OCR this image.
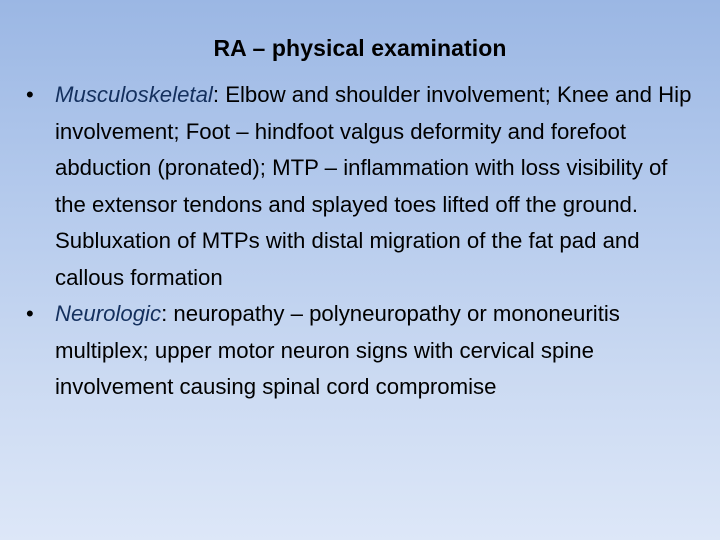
RA – physical examination
• Musculoskeletal: Elbow and shoulder involvement; Knee and Hip involvement; Foot – hindfoot valgus deformity and forefoot abduction (pronated); MTP – inflammation with loss visibility of the extensor tendons and splayed toes lifted off the ground. Subluxation of MTPs with distal migration of the fat pad and callous formation
• Neurologic: neuropathy – polyneuropathy or mononeuritis multiplex; upper motor neuron signs with cervical spine involvement causing spinal cord compromise
